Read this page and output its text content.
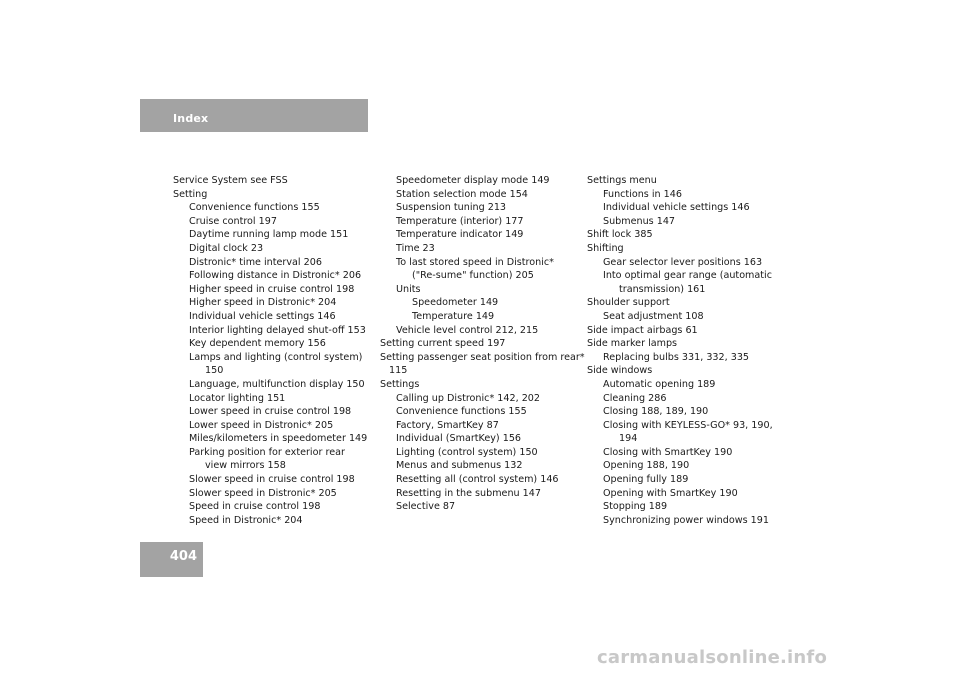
Index
Service System see FSS
Setting
Convenience functions 155
Cruise control 197
Daytime running lamp mode 151
Digital clock 23
Distronic* time interval 206
Following distance in Distronic* 206
Higher speed in cruise control 198
Higher speed in Distronic* 204
Individual vehicle settings 146
Interior lighting delayed shut-off 153
Key dependent memory 156
Lamps and lighting (control system) 150
Language, multifunction display 150
Locator lighting 151
Lower speed in cruise control 198
Lower speed in Distronic* 205
Miles/kilometers in speedometer 149
Parking position for exterior rear view mirrors 158
Slower speed in cruise control 198
Slower speed in Distronic* 205
Speed in cruise control 198
Speed in Distronic* 204
Speedometer display mode 149
Station selection mode 154
Suspension tuning 213
Temperature (interior) 177
Temperature indicator 149
Time 23
To last stored speed in Distronic* ("Re-sume" function) 205
Units
Speedometer 149
Temperature 149
Vehicle level control 212, 215
Setting current speed 197
Setting passenger seat position from rear* 115
Settings
Calling up Distronic* 142, 202
Convenience functions 155
Factory, SmartKey 87
Individual (SmartKey) 156
Lighting (control system) 150
Menus and submenus 132
Resetting all (control system) 146
Resetting in the submenu 147
Selective 87
Settings menu
Functions in 146
Individual vehicle settings 146
Submenus 147
Shift lock 385
Shifting
Gear selector lever positions 163
Into optimal gear range (automatic transmission) 161
Shoulder support
Seat adjustment 108
Side impact airbags 61
Side marker lamps
Replacing bulbs 331, 332, 335
Side windows
Automatic opening 189
Cleaning 286
Closing 188, 189, 190
Closing with KEYLESS-GO* 93, 190, 194
Closing with SmartKey 190
Opening 188, 190
Opening fully 189
Opening with SmartKey 190
Stopping 189
Synchronizing power windows 191
404
carmanualsonline.info
